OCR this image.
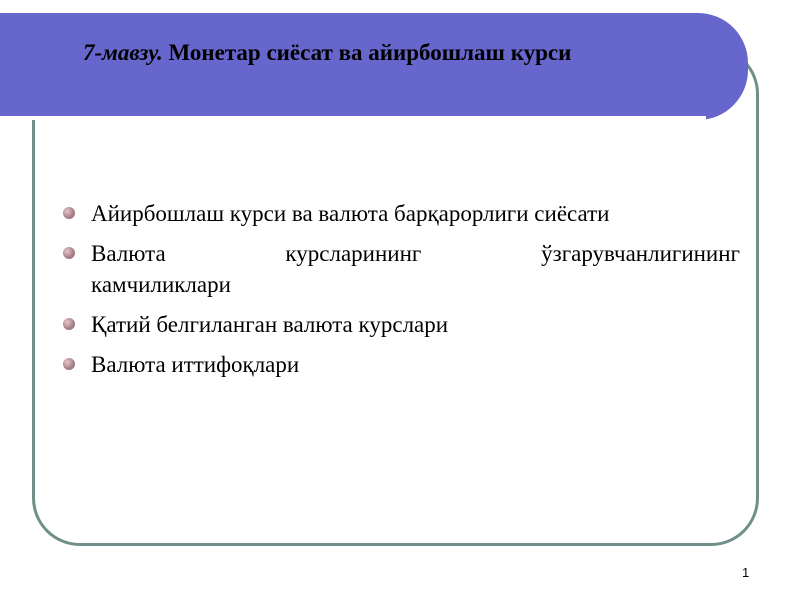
7-мавзу. Монетар сиёсат ва айирбошлаш курси
Айирбошлаш курси ва валюта барқарорлиги сиёсати
Валюта курсларининг ўзгарувчанлигининг
камчиликлари
Қатий белгиланган валюта курслари
Валюта иттифоқлари
1
